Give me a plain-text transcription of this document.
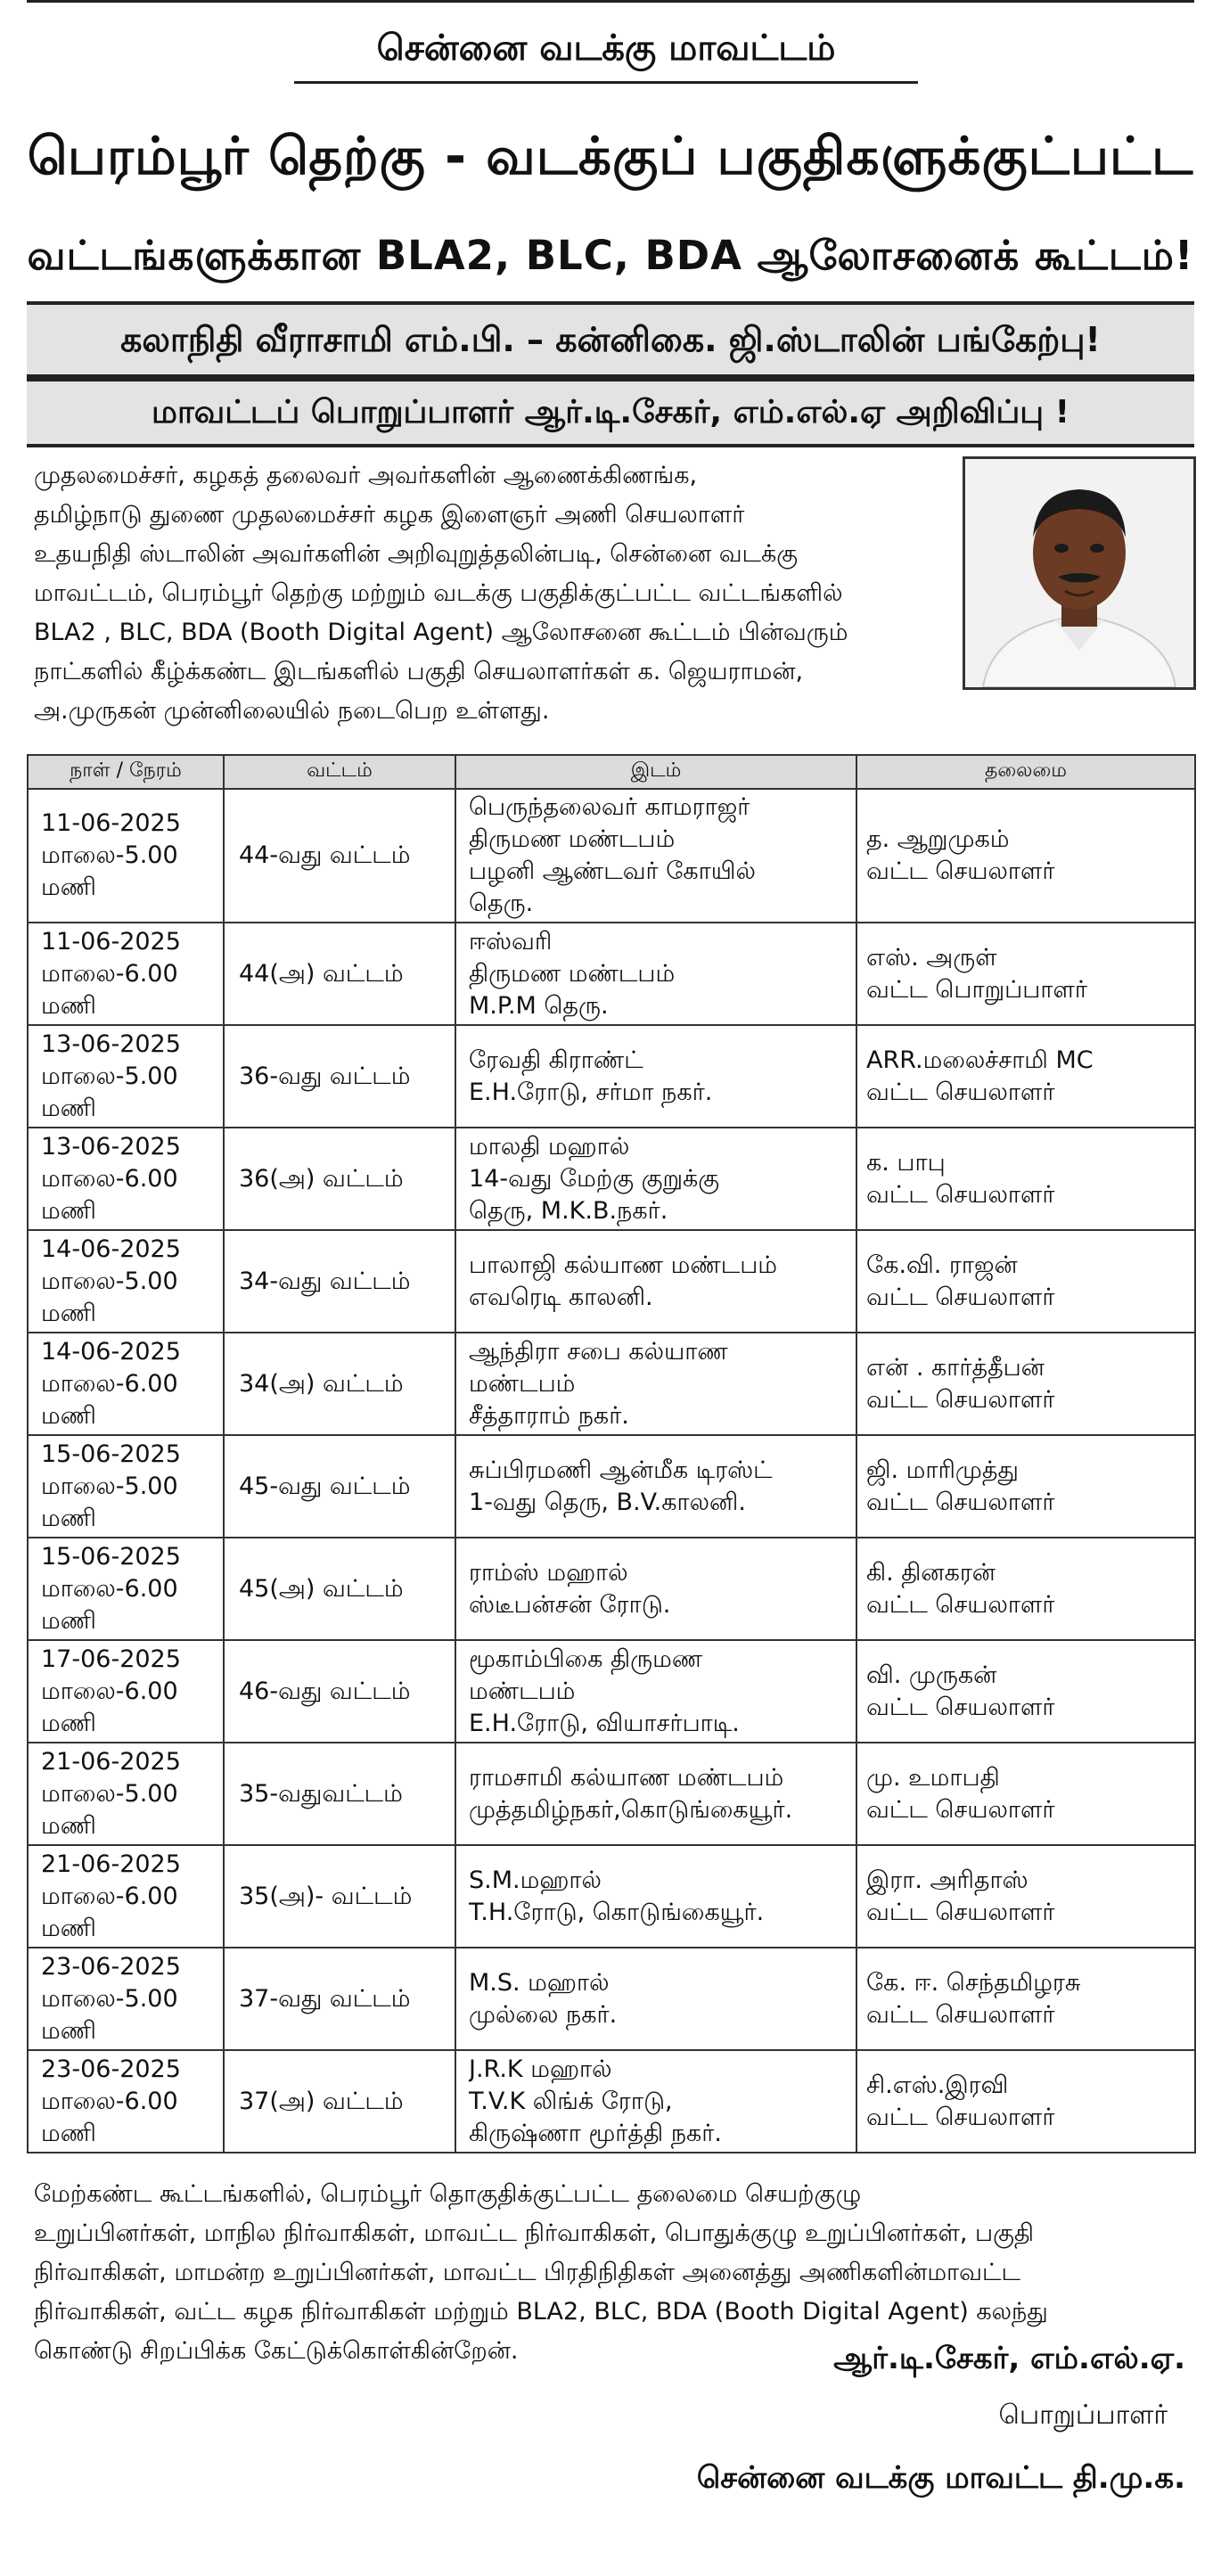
சென்னை வடக்கு மாவட்டம்
பெரம்பூர் தெற்கு - வடக்குப் பகுதிகளுக்குட்பட்ட
வட்டங்களுக்கான BLA2, BLC, BDA ஆலோசனைக் கூட்டம்!
கலாநிதி வீராசாமி எம்.பி. – கன்னிகை. ஜி.ஸ்டாலின் பங்கேற்பு!
மாவட்டப் பொறுப்பாளர் ஆர்.டி.சேகர், எம்.எல்.ஏ அறிவிப்பு !
முதலமைச்சர், கழகத் தலைவர் அவர்களின் ஆணைக்கிணங்க,
தமிழ்நாடு துணை முதலமைச்சர் கழக இளைஞர் அணி செயலாளர்
உதயநிதி ஸ்டாலின் அவர்களின் அறிவுறுத்தலின்படி, சென்னை வடக்கு
மாவட்டம், பெரம்பூர் தெற்கு மற்றும் வடக்கு பகுதிக்குட்பட்ட வட்டங்களில்
BLA2 , BLC, BDA (Booth Digital Agent) ஆலோசனை கூட்டம் பின்வரும்
நாட்களில் கீழ்க்கண்ட இடங்களில் பகுதி செயலாளர்கள் க. ஜெயராமன்,
அ.முருகன் முன்னிலையில் நடைபெற உள்ளது.
நாள் / நேரம்	வட்டம்	இடம்	தலைமை

11-06-2025
மாலை-5.00
மணி	44-வது வட்டம்	பெருந்தலைவர் காமராஜர்
திருமண மண்டபம்
பழனி ஆண்டவர் கோயில்
தெரு.	த. ஆறுமுகம்
வட்ட செயலாளர்

11-06-2025
மாலை-6.00
மணி	44(அ) வட்டம்	ஈஸ்வரி
திருமண மண்டபம்
M.P.M தெரு.	எஸ். அருள்
வட்ட பொறுப்பாளர்

13-06-2025
மாலை-5.00
மணி	36-வது வட்டம்	ரேவதி கிராண்ட்
E.H.ரோடு, சர்மா நகர்.	ARR.மலைச்சாமி MC
வட்ட செயலாளர்

13-06-2025
மாலை-6.00
மணி	36(அ) வட்டம்	மாலதி மஹால்
14-வது மேற்கு குறுக்கு
தெரு, M.K.B.நகர்.	க. பாபு
வட்ட செயலாளர்

14-06-2025
மாலை-5.00
மணி	34-வது வட்டம்	பாலாஜி கல்யாண மண்டபம்
எவரெடி காலனி.	கே.வி. ராஜன்
வட்ட செயலாளர்

14-06-2025
மாலை-6.00
மணி	34(அ) வட்டம்	ஆந்திரா சபை கல்யாண
மண்டபம்
சீத்தாராம் நகர்.	என் . கார்த்தீபன்
வட்ட செயலாளர்

15-06-2025
மாலை-5.00
மணி	45-வது வட்டம்	சுப்பிரமணி ஆன்மீக டிரஸ்ட்
1-வது தெரு, B.V.காலனி.	ஜி. மாரிமுத்து
வட்ட செயலாளர்

15-06-2025
மாலை-6.00
மணி	45(அ) வட்டம்	ராம்ஸ் மஹால்
ஸ்டீபன்சன் ரோடு.	கி. தினகரன்
வட்ட செயலாளர்

17-06-2025
மாலை-6.00
மணி	46-வது வட்டம்	மூகாம்பிகை திருமண
மண்டபம்
E.H.ரோடு, வியாசர்பாடி.	வி. முருகன்
வட்ட செயலாளர்

21-06-2025
மாலை-5.00
மணி	35-வதுவட்டம்	ராமசாமி கல்யாண மண்டபம்
முத்தமிழ்நகர்,கொடுங்கையூர்.	மு. உமாபதி
வட்ட செயலாளர்

21-06-2025
மாலை-6.00
மணி	35(அ)- வட்டம்	S.M.மஹால்
T.H.ரோடு, கொடுங்கையூர்.	இரா. அரிதாஸ்
வட்ட செயலாளர்

23-06-2025
மாலை-5.00
மணி	37-வது வட்டம்	M.S. மஹால்
முல்லை நகர்.	கே. ஈ. செந்தமிழரசு
வட்ட செயலாளர்

23-06-2025
மாலை-6.00
மணி	37(அ) வட்டம்	J.R.K மஹால்
T.V.K லிங்க் ரோடு,
கிருஷ்ணா மூர்த்தி நகர்.	சி.எஸ்.இரவி
வட்ட செயலாளர்
மேற்கண்ட கூட்டங்களில், பெரம்பூர் தொகுதிக்குட்பட்ட தலைமை செயற்குழு
உறுப்பினர்கள், மாநில நிர்வாகிகள், மாவட்ட நிர்வாகிகள், பொதுக்குழு உறுப்பினர்கள், பகுதி
நிர்வாகிகள், மாமன்ற உறுப்பினர்கள், மாவட்ட பிரதிநிதிகள் அனைத்து அணிகளின்மாவட்ட
நிர்வாகிகள், வட்ட கழக நிர்வாகிகள் மற்றும் BLA2, BLC, BDA (Booth Digital Agent) கலந்து
கொண்டு சிறப்பிக்க கேட்டுக்கொள்கின்றேன்.	ஆர்.டி.சேகர், எம்.எல்.ஏ.
பொறுப்பாளர்
சென்னை வடக்கு மாவட்ட தி.மு.க.
